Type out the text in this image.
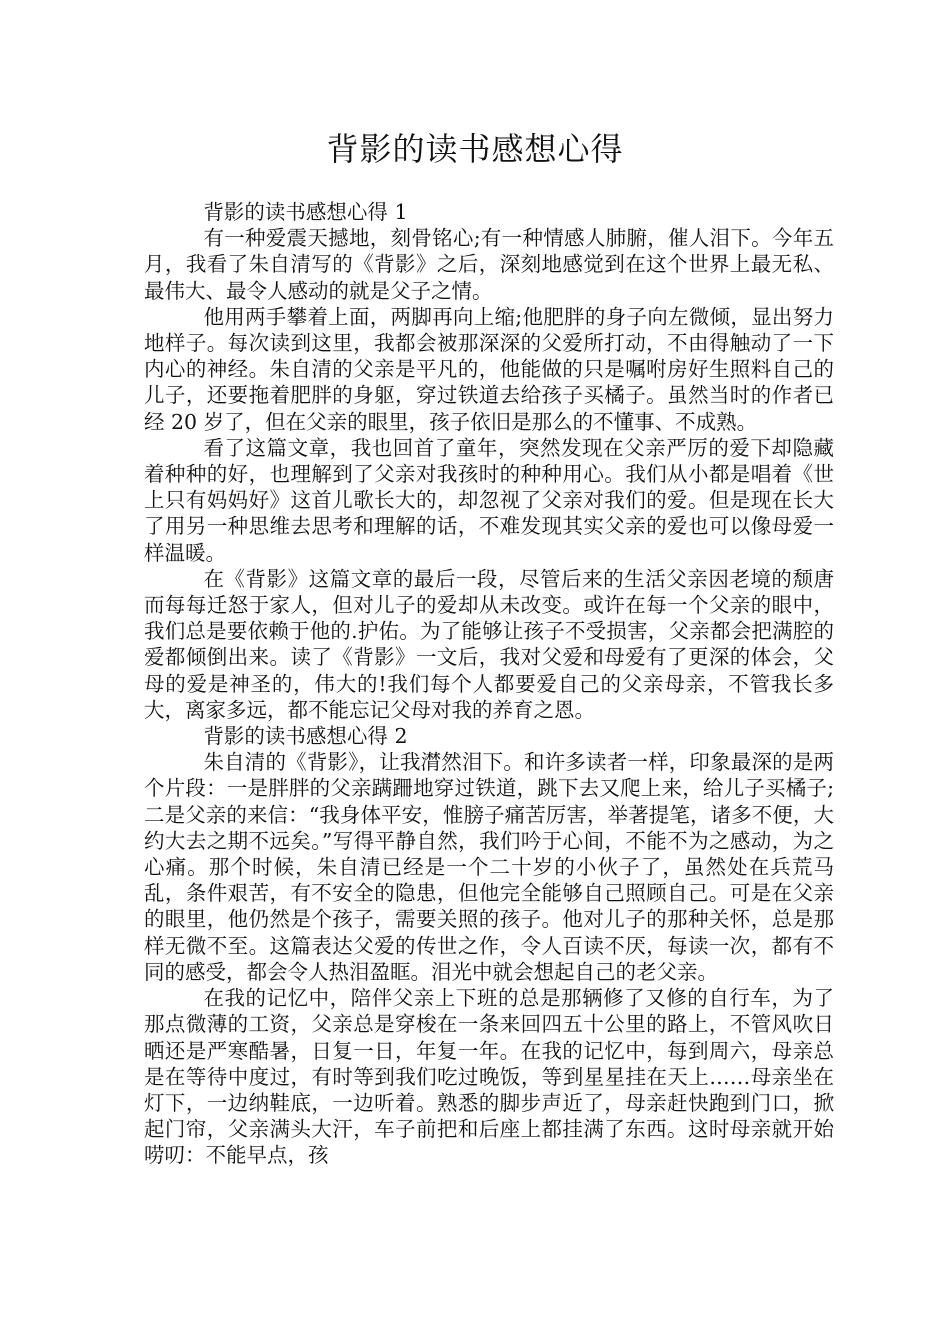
背影的读书感想心得

背影的读书感想心得 1

有一种爱震天撼地，刻骨铭心;有一种情感人肺腑，催人泪下。今年五月，我看了朱自清写的《背影》之后，深刻地感觉到在这个世界上最无私、最伟大、最令人感动的就是父子之情。

他用两手攀着上面，两脚再向上缩;他肥胖的身子向左微倾，显出努力地样子。每次读到这里，我都会被那深深的父爱所打动，不由得触动了一下内心的神经。朱自清的父亲是平凡的，他能做的只是嘱咐房好生照料自己的儿子，还要拖着肥胖的身躯，穿过铁道去给孩子买橘子。虽然当时的作者已经 20 岁了，但在父亲的眼里，孩子依旧是那么的不懂事、不成熟。

看了这篇文章，我也回首了童年，突然发现在父亲严厉的爱下却隐藏着种种的好，也理解到了父亲对我孩时的种种用心。我们从小都是唱着《世上只有妈妈好》这首儿歌长大的，却忽视了父亲对我们的爱。但是现在长大了用另一种思维去思考和理解的话，不难发现其实父亲的爱也可以像母爱一样温暖。

在《背影》这篇文章的最后一段，尽管后来的生活父亲因老境的颓唐而每每迁怒于家人，但对儿子的爱却从未改变。或许在每一个父亲的眼中，我们总是要依赖于他的.护佑。为了能够让孩子不受损害，父亲都会把满腔的爱都倾倒出来。读了《背影》一文后，我对父爱和母爱有了更深的体会，父母的爱是神圣的，伟大的!我们每个人都要爱自己的父亲母亲，不管我长多大，离家多远，都不能忘记父母对我的养育之恩。

背影的读书感想心得 2

朱自清的《背影》，让我潸然泪下。和许多读者一样，印象最深的是两个片段：一是胖胖的父亲蹒跚地穿过铁道，跳下去又爬上来，给儿子买橘子;二是父亲的来信：“我身体平安，惟膀子痛苦厉害，举著提笔，诸多不便，大约大去之期不远矣。”写得平静自然，我们吟于心间，不能不为之感动，为之心痛。那个时候，朱自清已经是一个二十岁的小伙子了，虽然处在兵荒马乱，条件艰苦，有不安全的隐患，但他完全能够自己照顾自己。可是在父亲的眼里，他仍然是个孩子，需要关照的孩子。他对儿子的那种关怀，总是那样无微不至。这篇表达父爱的传世之作，令人百读不厌，每读一次，都有不同的感受，都会令人热泪盈眶。泪光中就会想起自己的老父亲。

在我的记忆中，陪伴父亲上下班的总是那辆修了又修的自行车，为了那点微薄的工资，父亲总是穿梭在一条来回四五十公里的路上，不管风吹日晒还是严寒酷暑，日复一日，年复一年。在我的记忆中，每到周六，母亲总是在等待中度过，有时等到我们吃过晚饭，等到星星挂在天上……母亲坐在灯下，一边纳鞋底，一边听着。熟悉的脚步声近了，母亲赶快跑到门口，掀起门帘，父亲满头大汗，车子前把和后座上都挂满了东西。这时母亲就开始唠叨：不能早点，孩
